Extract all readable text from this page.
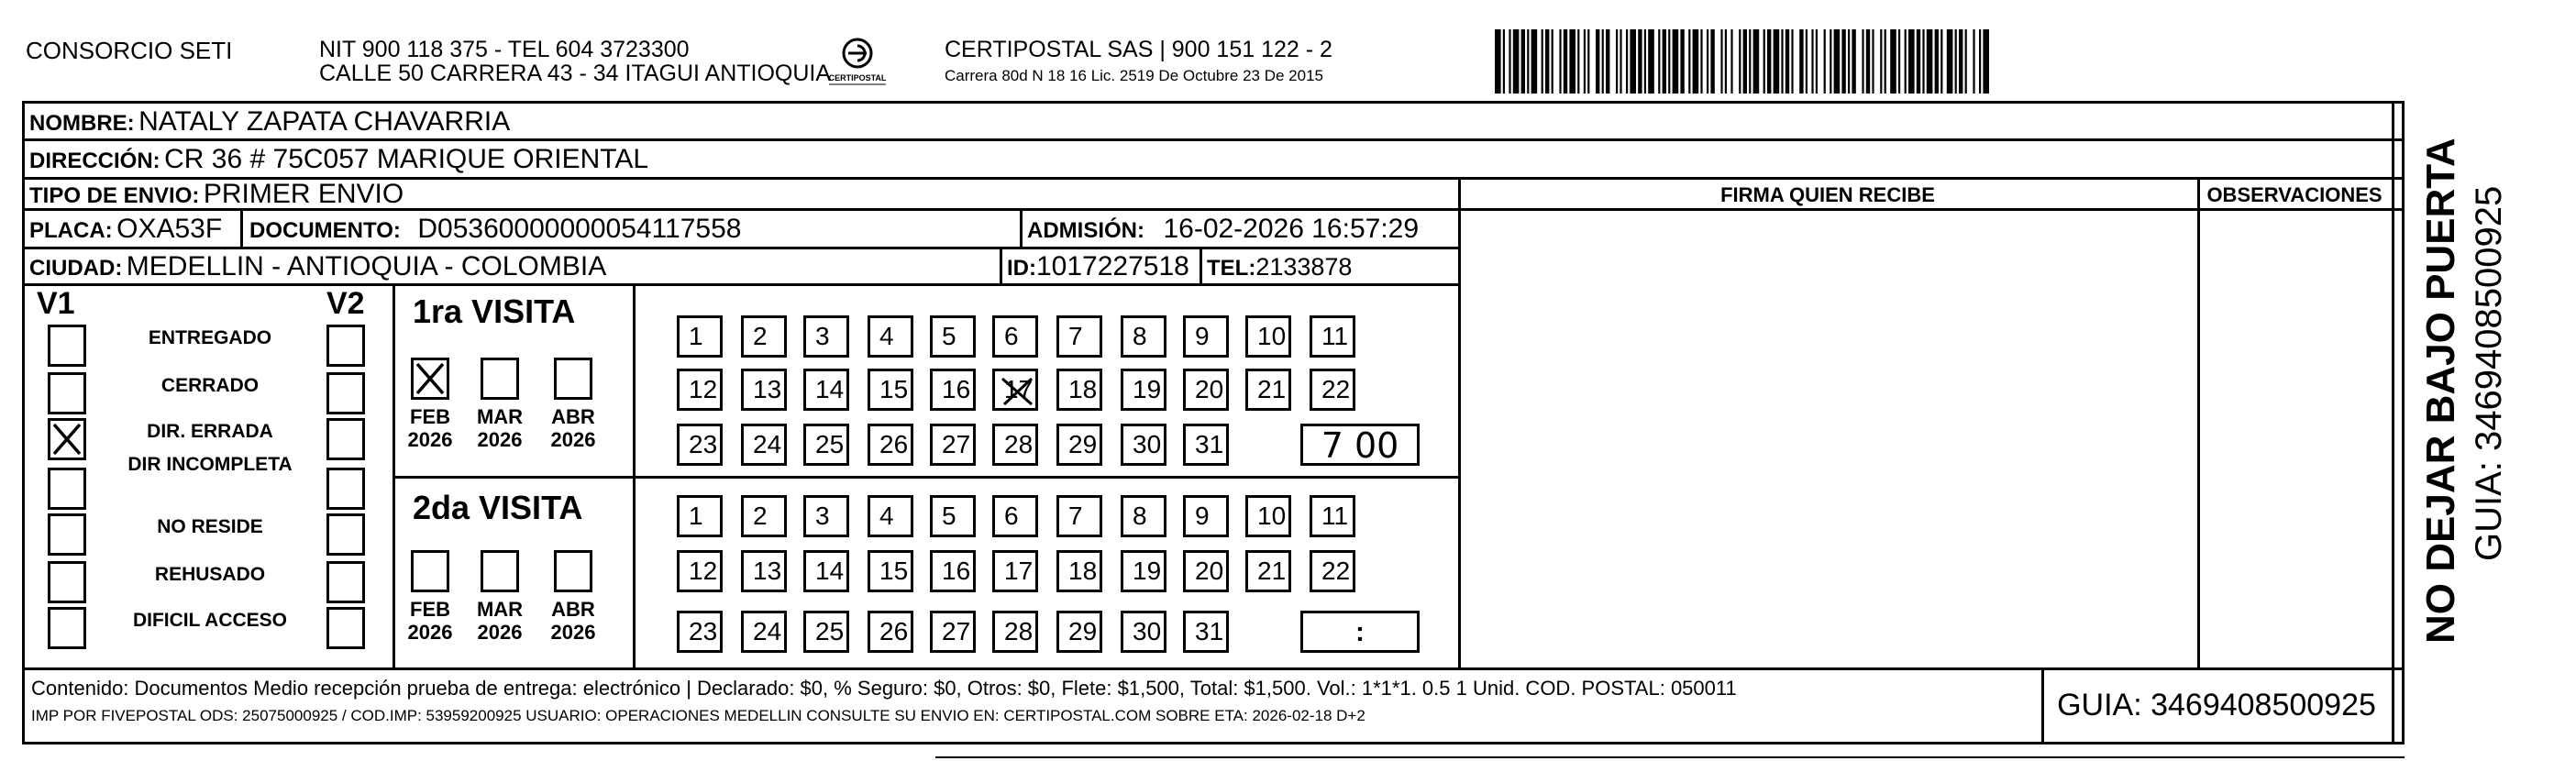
CONSORCIO SETI	NIT 900 118 375 - TEL 604 3723300
CALLE 50 CARRERA 43 - 34 ITAGUI ANTIOQUIA
CERTIPOSTAL
CERTIPOSTAL SAS | 900 151 122 - 2
Carrera 80d N 18 16 Lic. 2519 De Octubre 23 De 2015
NOMBRE: NATALY ZAPATA CHAVARRIA
DIRECCIÓN: CR 36 # 75C057 MARIQUE ORIENTAL
TIPO DE ENVIO: PRIMER ENVIO
PLACA: OXA53F DOCUMENTO: D05360000000054117558	ADMISIÓN: 16-02-2026 16:57:29
CIUDAD: MEDELLIN - ANTIOQUIA - COLOMBIA	ID:1017227518 TEL:2133878
FIRMA QUIEN RECIBE	OBSERVACIONES
V1	V2
ENTREGADO
CERRADO
DIR. ERRADA
DIR INCOMPLETA
NO RESIDE
REHUSADO
DIFICIL ACCESO
1ra VISITA
2da VISITA
FEB
2026
MAR
2026
ABR
2026
FEB
2026
MAR
2026
ABR
2026
1 2 3 4 5 6 7 8 9 10 11
12 13 14 15 16 17 18 19 20 21 22
23 24 25 26 27 28 29 30 31
1 2 3 4 5 6 7 8 9 10 11
12 13 14 15 16 17 18 19 20 21 22
23 24 25 26 27 28 29 30 31
7 00
:
Contenido: Documentos Medio recepción prueba de entrega: electrónico | Declarado: $0, % Seguro: $0, Otros: $0, Flete: $1,500, Total: $1,500. Vol.: 1*1*1. 0.5 1 Unid. COD. POSTAL: 050011
IMP POR FIVEPOSTAL ODS: 25075000925 / COD.IMP: 53959200925 USUARIO: OPERACIONES MEDELLIN CONSULTE SU ENVIO EN: CERTIPOSTAL.COM SOBRE ETA: 2026-02-18 D+2	GUIA: 3469408500925
NO DEJAR BAJO PUERTA GUIA: 3469408500925
